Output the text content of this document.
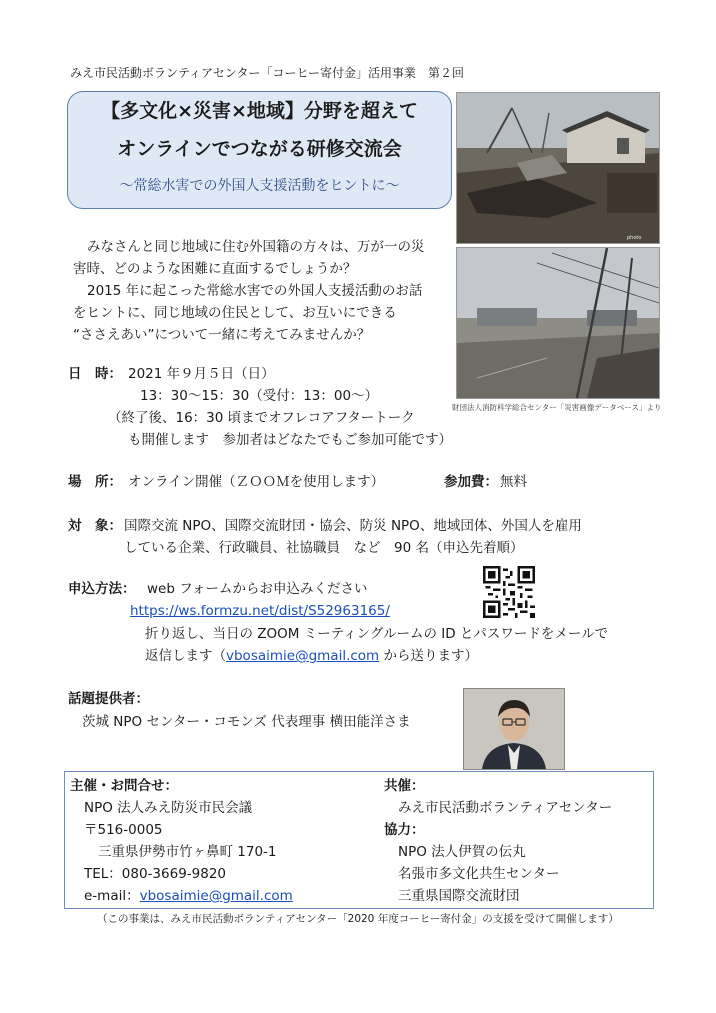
みえ市民活動ボランティアセンター「コーヒー寄付金」活用事業　第２回
【多文化×災害×地域】分野を超えて
オンラインでつながる研修交流会
～常総水害での外国人支援活動をヒントに～
photo
財団法人消防科学総合センター「災害画像データベース」より

みなさんと同じ地域に住む外国籍の方々は、万が一の災

害時、どのような困難に直面するでしょうか？

2015 年に起こった常総水害での外国人支援活動のお話

をヒントに、同じ地域の住民として、お互いにできる

“ささえあい”について一緒に考えてみませんか？

日　時： 2021 年９月５日（日）
13：30～15：30（受付：13：00～）
（終了後、16：30 頃までオフレコアフタートーク
も開催します　参加者はどなたでもご参加可能です）
場　所： オンライン開催（ＺＯＯＭを使用します）	参加費： 無料
対　象： 国際交流 NPO、国際交流財団・協会、防災 NPO、地域団体、外国人を雇用
している企業、行政職員、社協職員　など　90 名（申込先着順）
申込方法： web フォームからお申込みください
https://ws.formzu.net/dist/S52963165/
折り返し、当日の ZOOM ミーティングルームの ID とパスワードをメールで
返信します（vbosaimie@gmail.com から送ります）
話題提供者：
茨城 NPO センター・コモンズ 代表理事 横田能洋さま
主催・お問合せ：
NPO 法人みえ防災市民会議
〒516-0005
三重県伊勢市竹ヶ鼻町 170-1
TEL：080-3669-9820
e-mail：vbosaimie@gmail.com
共催：
みえ市民活動ボランティアセンター
協力：
NPO 法人伊賀の伝丸
名張市多文化共生センター
三重県国際交流財団
（この事業は、みえ市民活動ボランティアセンター「2020 年度コーヒー寄付金」の支援を受けて開催します）
